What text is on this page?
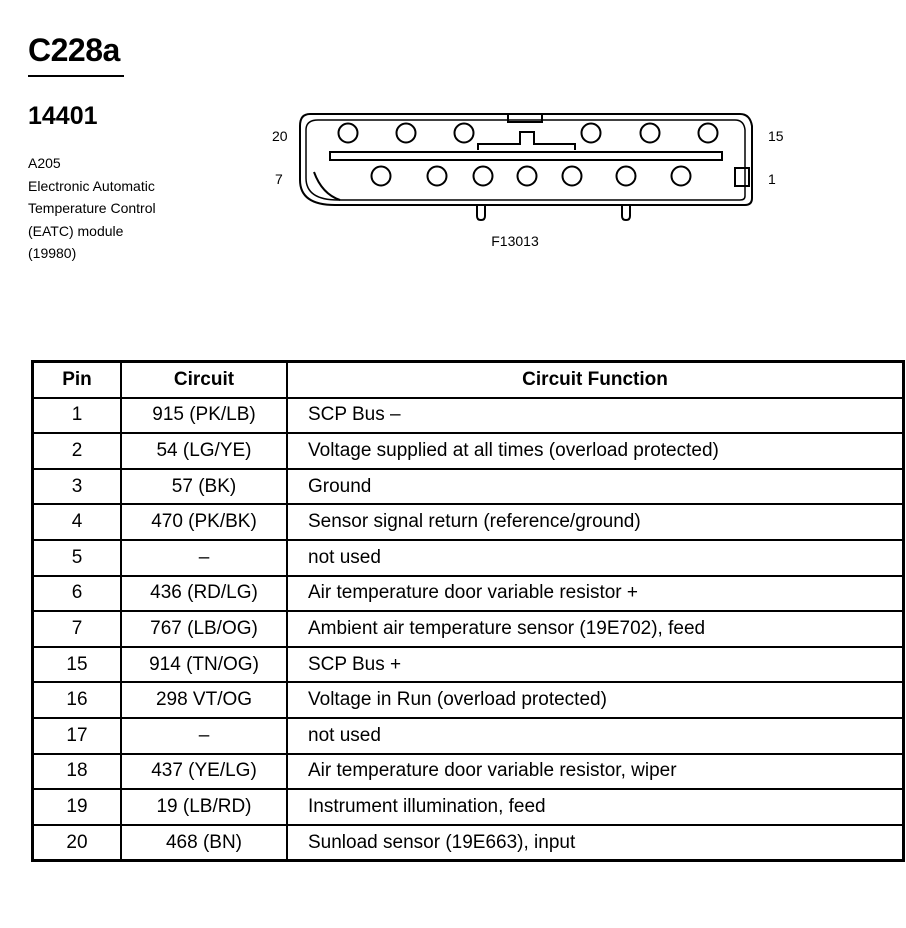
C228a
14401
A205
Electronic Automatic
Temperature Control
(EATC) module
(19980)
20	15
7	1
F13013
Pin	Circuit	Circuit Function
1	915 (PK/LB)	SCP Bus –
2	54 (LG/YE)	Voltage supplied at all times (overload protected)
3	57 (BK)	Ground
4	470 (PK/BK)	Sensor signal return (reference/ground)
5	–	not used
6	436 (RD/LG)	Air temperature door variable resistor +
7	767 (LB/OG)	Ambient air temperature sensor (19E702), feed
15	914 (TN/OG)	SCP Bus +
16	298 VT/OG	Voltage in Run (overload protected)
17	–	not used
18	437 (YE/LG)	Air temperature door variable resistor, wiper
19	19 (LB/RD)	Instrument illumination, feed
20	468 (BN)	Sunload sensor (19E663), input
